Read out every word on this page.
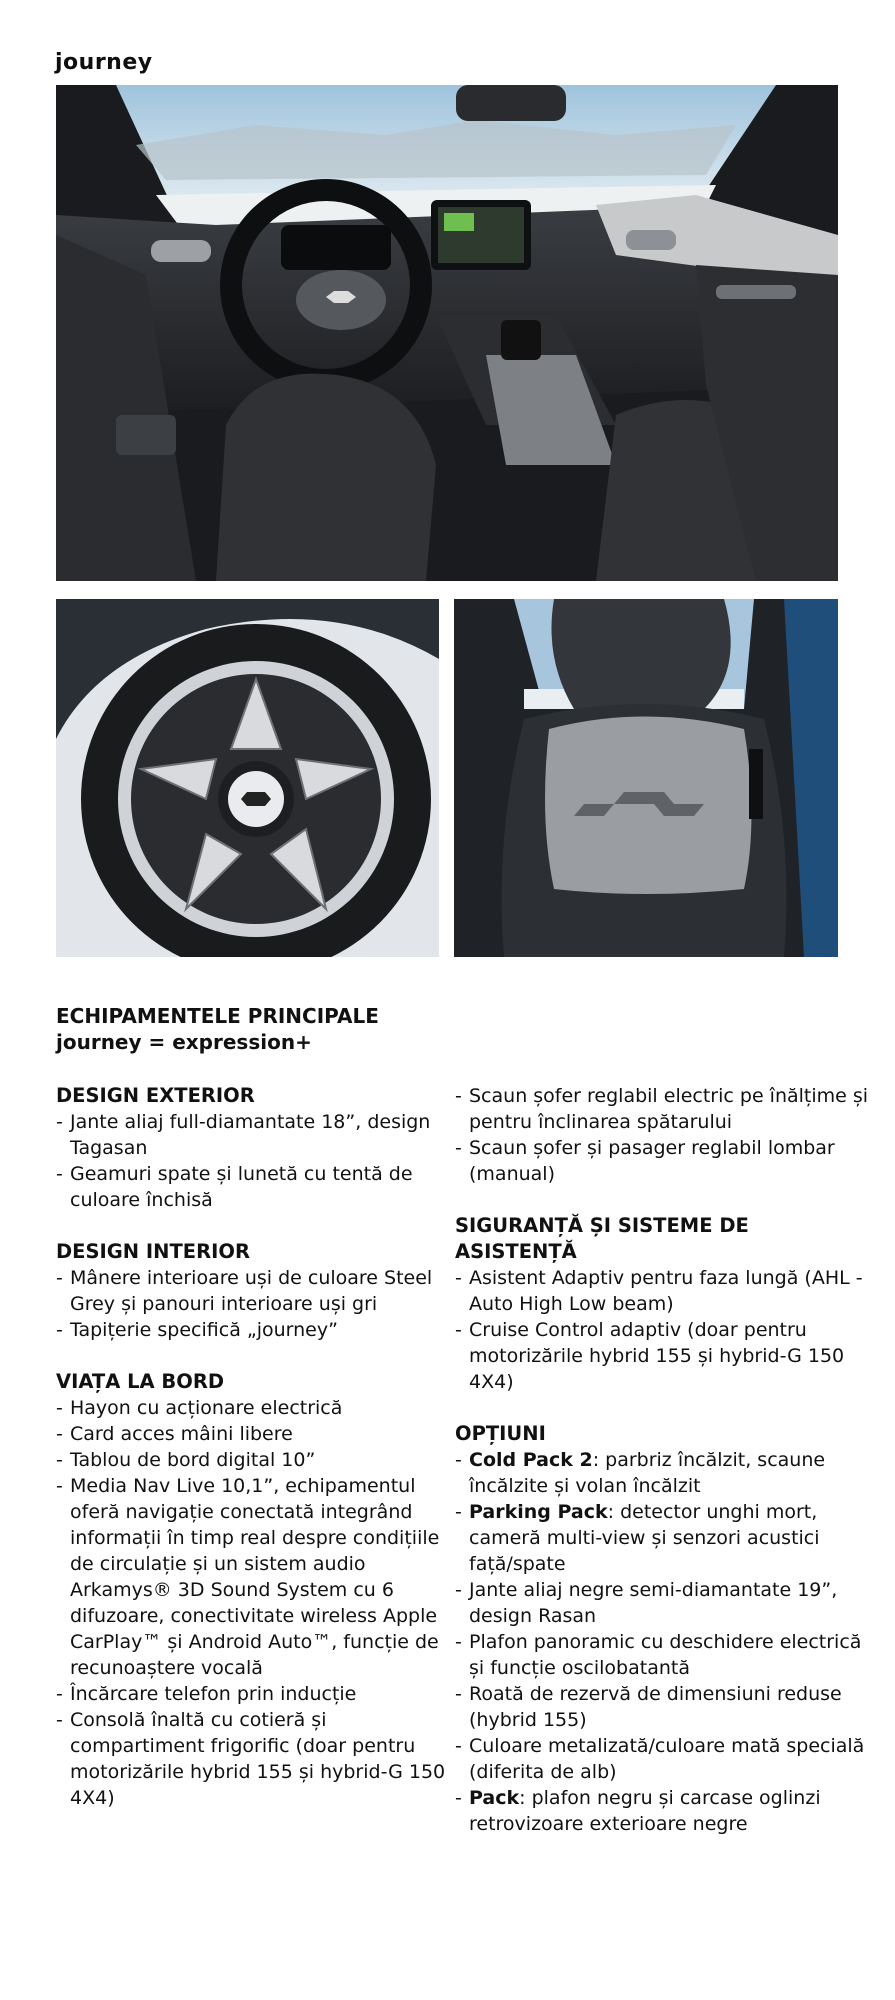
journey
ECHIPAMENTELE PRINCIPALE
journey = expression+
DESIGN EXTERIOR
- Jante aliaj full-diamantate 18”, design Tagasan
- Geamuri spate și lunetă cu tentă de culoare închisă
DESIGN INTERIOR
- Mânere interioare uși de culoare Steel Grey și panouri interioare uși gri
- Tapițerie specifică „journey”
VIAȚA LA BORD
- Hayon cu acționare electrică
- Card acces mâini libere
- Tablou de bord digital 10”
- Media Nav Live 10,1”, echipamentul oferă navigație conectată integrând informații în timp real despre condițiile de circulație și un sistem audio Arkamys® 3D Sound System cu 6 difuzoare, conectivitate wireless Apple CarPlay™ și Android Auto™, funcție de recunoaștere vocală
- Încărcare telefon prin inducție
- Consolă înaltă cu cotieră și compartiment frigorific (doar pentru motorizările hybrid 155 și hybrid-G 150 4X4)
- Scaun șofer reglabil electric pe înălțime și pentru înclinarea spătarului
- Scaun șofer și pasager reglabil lombar (manual)
SIGURANȚĂ ȘI SISTEME DE ASISTENȚĂ
- Asistent Adaptiv pentru faza lungă (AHL - Auto High Low beam)
- Cruise Control adaptiv (doar pentru motorizările hybrid 155 și hybrid-G 150 4X4)
OPȚIUNI
- Cold Pack 2: parbriz încălzit, scaune încălzite și volan încălzit
- Parking Pack: detector unghi mort, cameră multi-view și senzori acustici față/spate
- Jante aliaj negre semi-diamantate 19”, design Rasan
- Plafon panoramic cu deschidere electrică și funcție oscilobatantă
- Roată de rezervă de dimensiuni reduse (hybrid 155)
- Culoare metalizată/culoare mată specială (diferita de alb)
- Pack: plafon negru și carcase oglinzi retrovizoare exterioare negre
